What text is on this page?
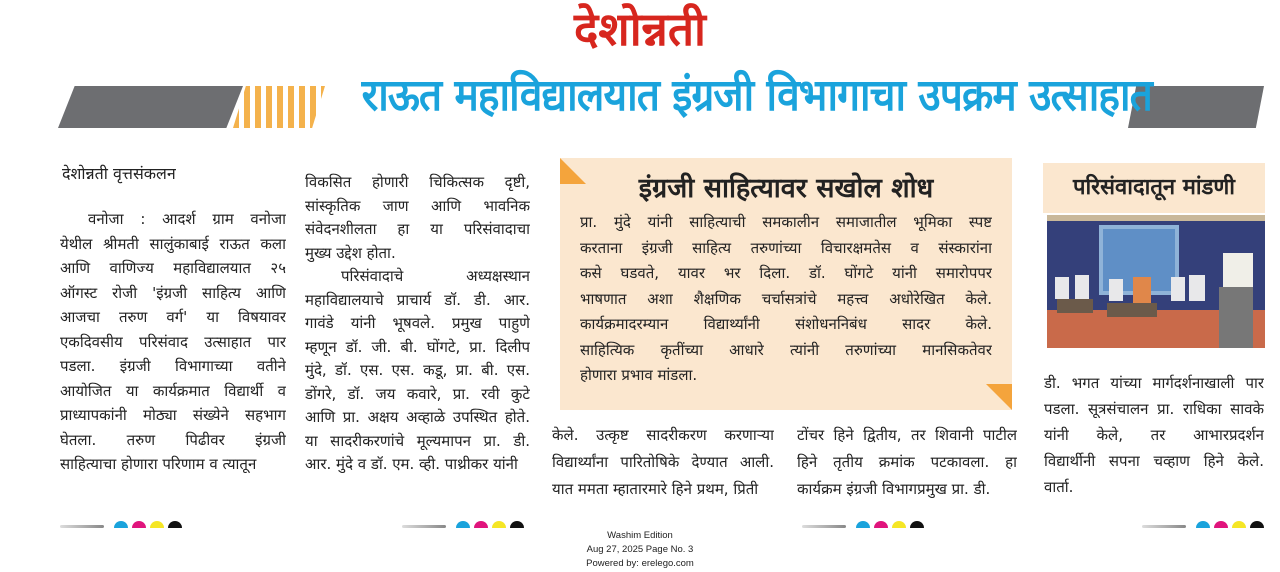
देशोन्नती
राऊत महाविद्यालयात इंग्रजी विभागाचा उपक्रम उत्साहात
देशोन्नती वृत्तसंकलन
वनोजा : आदर्श ग्राम वनोजा
येथील श्रीमती सालुंकाबाई राऊत कला
आणि वाणिज्य महाविद्यालयात २५
ऑगस्ट रोजी 'इंग्रजी साहित्य आणि
आजचा तरुण वर्ग' या विषयावर
एकदिवसीय परिसंवाद उत्साहात पार
पडला. इंग्रजी विभागाच्या वतीने
आयोजित या कार्यक्रमात विद्यार्थी व
प्राध्यापकांनी मोठ्या संख्येने सहभाग
घेतला. तरुण पिढीवर इंग्रजी
साहित्याचा होणारा परिणाम व त्यातून
विकसित होणारी चिकित्सक दृष्टी,
सांस्कृतिक जाण आणि भावनिक
संवेदनशीलता हा या परिसंवादाचा
मुख्य उद्देश होता.
परिसंवादाचे अध्यक्षस्थान
महाविद्यालयाचे प्राचार्य डॉ. डी. आर.
गावंडे यांनी भूषवले. प्रमुख पाहुणे
म्हणून डॉ. जी. बी. घोंगटे, प्रा. दिलीप
मुंदे, डॉ. एस. एस. कडू, प्रा. बी. एस.
डोंगरे, डॉ. जय कवारे, प्रा. रवी कुटे
आणि प्रा. अक्षय अव्हाळे उपस्थित होते.
या सादरीकरणांचे मूल्यमापन प्रा. डी.
आर. मुंदे व डॉ. एम. व्ही. पाथ्रीकर यांनी
इंग्रजी साहित्यावर सखोल शोध
प्रा. मुंदे यांनी साहित्याची समकालीन समाजातील भूमिका स्पष्ट
करताना इंग्रजी साहित्य तरुणांच्या विचारक्षमतेस व संस्कारांना
कसे घडवते, यावर भर दिला. डॉ. घोंगटे यांनी समारोपपर
भाषणात अशा शैक्षणिक चर्चासत्रांचे महत्त्व अधोरेखित केले.
कार्यक्रमादरम्यान विद्यार्थ्यांनी संशोधननिबंध सादर केले.
साहित्यिक कृतींच्या आधारे त्यांनी तरुणांच्या मानसिकतेवर
होणारा प्रभाव मांडला.
केले. उत्कृष्ट सादरीकरण करणाऱ्या
विद्यार्थ्यांना पारितोषिके देण्यात आली.
यात ममता म्हातारमारे हिने प्रथम, प्रिती
टोंचर हिने द्वितीय, तर शिवानी पाटील
हिने तृतीय क्रमांक पटकावला. हा
कार्यक्रम इंग्रजी विभागप्रमुख प्रा. डी.
परिसंवादातून मांडणी
डी. भगत यांच्या मार्गदर्शनाखाली पार
पडला. सूत्रसंचालन प्रा. राधिका सावके
यांनी केले, तर आभारप्रदर्शन
विद्यार्थीनी सपना चव्हाण हिने केले.
वार्ता.
Washim Edition
Aug 27, 2025 Page No. 3
Powered by: erelego.com
